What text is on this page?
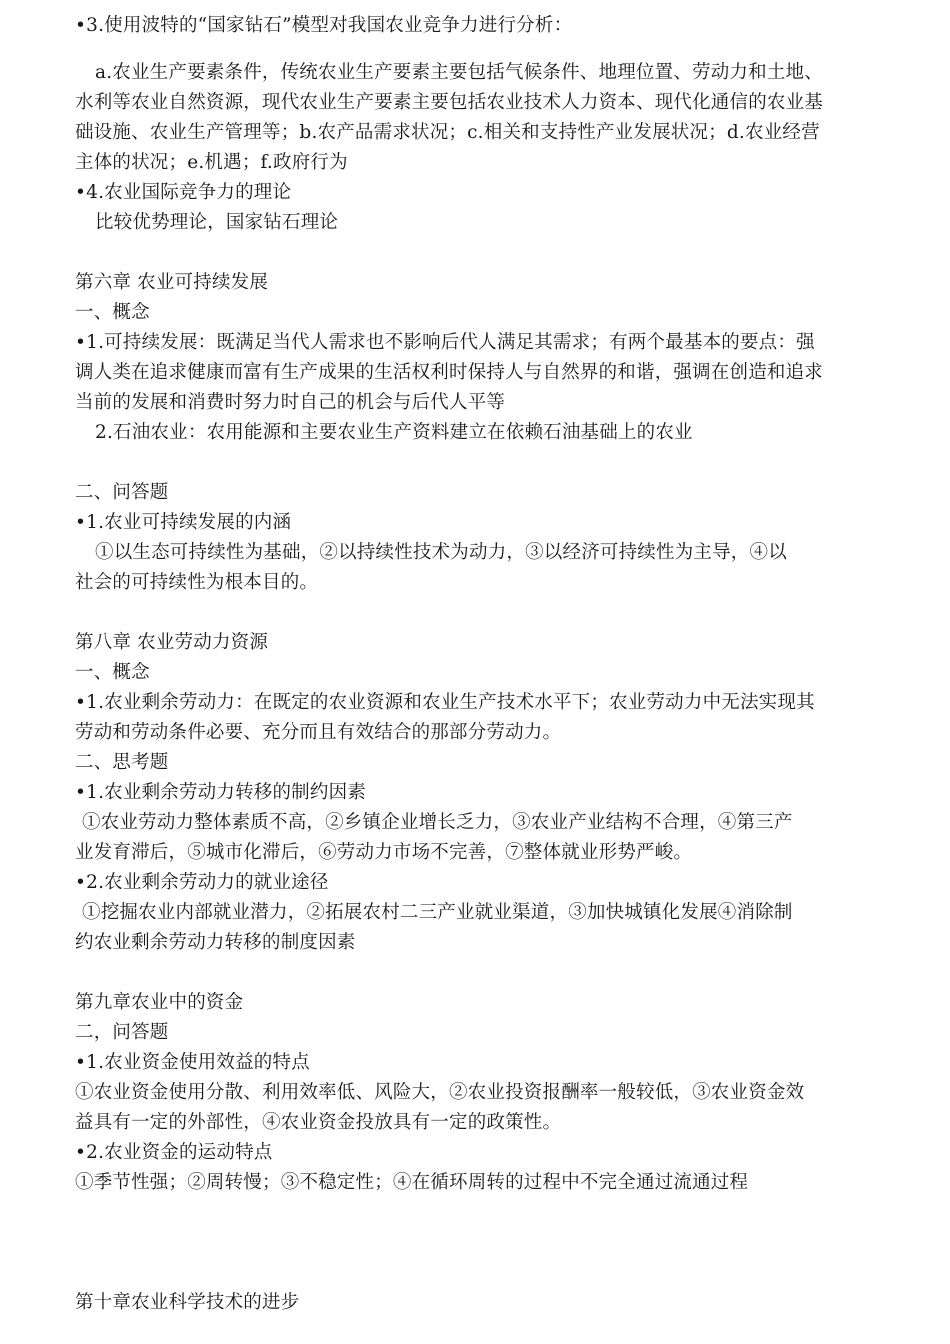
•3.使用波特的“国家钻石”模型对我国农业竞争力进行分析：
a.农业生产要素条件，传统农业生产要素主要包括气候条件、地理位置、劳动力和土地、
水利等农业自然资源，现代农业生产要素主要包括农业技术人力资本、现代化通信的农业基
础设施、农业生产管理等；b.农产品需求状况；c.相关和支持性产业发展状况；d.农业经营
主体的状况；e.机遇；f.政府行为
•4.农业国际竞争力的理论
比较优势理论，国家钻石理论
第六章 农业可持续发展
一、概念
•1.可持续发展：既满足当代人需求也不影响后代人满足其需求；有两个最基本的要点：强
调人类在追求健康而富有生产成果的生活权利时保持人与自然界的和谐，强调在创造和追求
当前的发展和消费时努力时自己的机会与后代人平等
2.石油农业：农用能源和主要农业生产资料建立在依赖石油基础上的农业
二、问答题
•1.农业可持续发展的内涵
①以生态可持续性为基础，②以持续性技术为动力，③以经济可持续性为主导，④以
社会的可持续性为根本目的。
第八章 农业劳动力资源
一、概念
•1.农业剩余劳动力：在既定的农业资源和农业生产技术水平下；农业劳动力中无法实现其
劳动和劳动条件必要、充分而且有效结合的那部分劳动力。
二、思考题
•1.农业剩余劳动力转移的制约因素
①农业劳动力整体素质不高，②乡镇企业增长乏力，③农业产业结构不合理，④第三产
业发育滞后，⑤城市化滞后，⑥劳动力市场不完善，⑦整体就业形势严峻。
•2.农业剩余劳动力的就业途径
①挖掘农业内部就业潜力，②拓展农村二三产业就业渠道，③加快城镇化发展④消除制
约农业剩余劳动力转移的制度因素
第九章农业中的资金
二，问答题
•1.农业资金使用效益的特点
①农业资金使用分散、利用效率低、风险大，②农业投资报酬率一般较低，③农业资金效
益具有一定的外部性，④农业资金投放具有一定的政策性。
•2.农业资金的运动特点
①季节性强；②周转慢；③不稳定性；④在循环周转的过程中不完全通过流通过程
第十章农业科学技术的进步
